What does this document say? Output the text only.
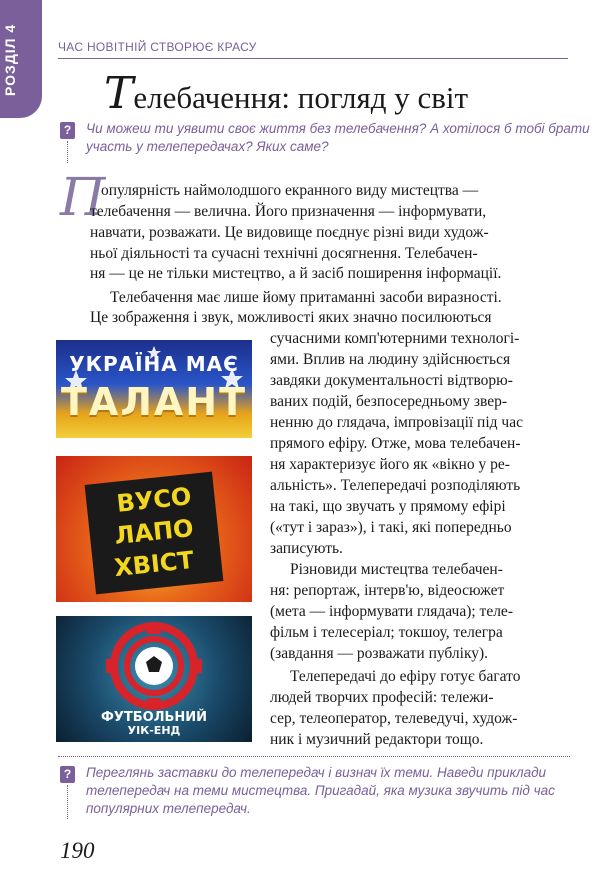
РОЗДІЛ 4	ЧАС НОВІТНІЙ СТВОРЮЄ КРАСУ
Телебачення: погляд у світ
? Чи можеш ти уявити своє життя без телебачення? А хотілося б тобі брати участь у телепередачах? Яких саме?
П
опулярність наймолодшого екранного виду мистецтва —
телебачення — велична. Його призначення — інформувати,
навчати, розважати. Це видовище поєднує різні види худож-
ньої діяльності та сучасні технічні досягнення. Телебачен-
ня — це не тільки мистецтво, а й засіб поширення інформації.
Телебачення має лише йому притаманні засоби виразності.
Це зображення і звук, можливості яких значно посилюються
УКРАЇНА МАЄ
ТАЛАНТ
ВУСО
ЛАПО
ХВІСТ
ФУТБОЛЬНИЙ
УІК-ЕНД
сучасними комп'ютерними технологі-
ями. Вплив на людину здійснюється
завдяки документальності відтворю-
ваних подій, безпосередньому звер-
ненню до глядача, імпровізації під час
прямого ефіру. Отже, мова телебачен-
ня характеризує його як «вікно у ре-
альність». Телепередачі розподіляють
на такі, що звучать у прямому ефірі
(«тут і зараз»), і такі, які попередньо
записують.
Різновиди мистецтва телебачен-
ня: репортаж, інтерв'ю, відеосюжет
(мета — інформувати глядача); теле-
фільм і телесеріал; токшоу, телегра
(завдання — розважати публіку).
Телепередачі до ефіру готує багато
людей творчих професій: тележи-
сер, телеоператор, телеведучі, худож-
ник і музичний редактори тощо.
? Переглянь заставки до телепередач і визнач їх теми. Наведи приклади телепередач на теми мистецтва. Пригадай, яка музика звучить під час популярних телепередач.
190
